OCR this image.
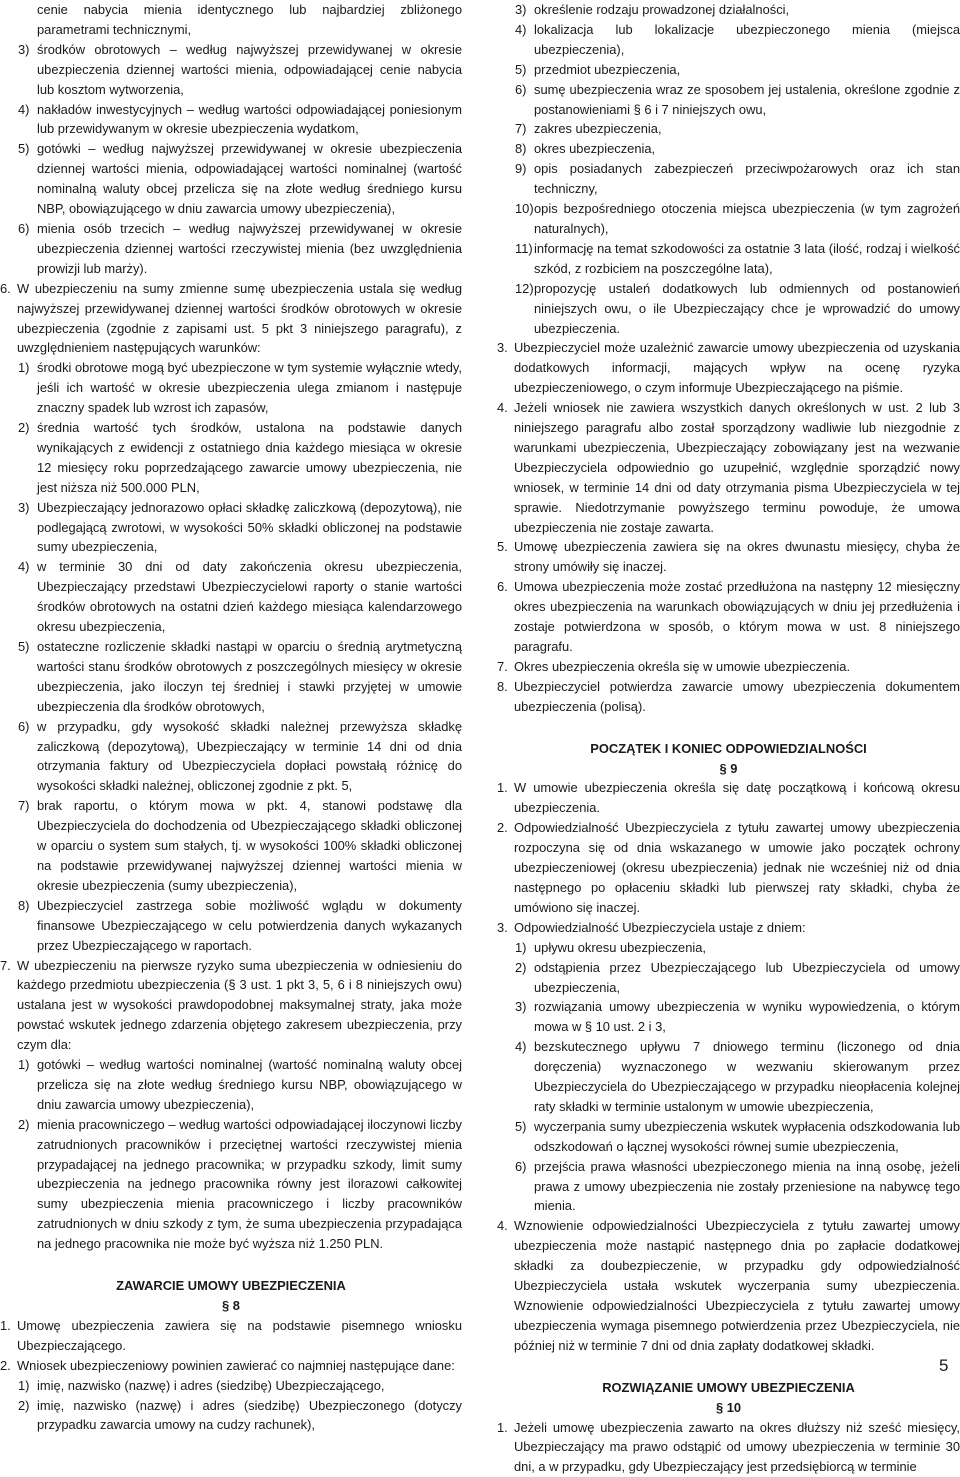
cenie nabycia mienia identycznego lub najbardziej zbliżonego parametrami technicznymi,
3) środków obrotowych – według najwyższej przewidywanej w okresie ubezpieczenia dziennej wartości mienia, odpowiadającej cenie nabycia lub kosztom wytworzenia,
4) nakładów inwestycyjnych – według wartości odpowiadającej poniesionym lub przewidywanym w okresie ubezpieczenia wydatkom,
5) gotówki – według najwyższej przewidywanej w okresie ubezpieczenia dziennej wartości mienia, odpowiadającej wartości nominalnej (wartość nominalną waluty obcej przelicza się na złote według średniego kursu NBP, obowiązującego w dniu zawarcia umowy ubezpieczenia),
6) mienia osób trzecich – według najwyższej przewidywanej w okresie ubezpieczenia dziennej wartości rzeczywistej mienia (bez uwzględnienia prowizji lub marży).
6. W ubezpieczeniu na sumy zmienne sumę ubezpieczenia ustala się według najwyższej przewidywanej dziennej wartości środków obrotowych w okresie ubezpieczenia (zgodnie z zapisami ust. 5 pkt 3 niniejszego paragrafu), z uwzględnieniem następujących warunków:
1) środki obrotowe mogą być ubezpieczone w tym systemie wyłącznie wtedy, jeśli ich wartość w okresie ubezpieczenia ulega zmianom i następuje znaczny spadek lub wzrost ich zapasów,
2) średnia wartość tych środków, ustalona na podstawie danych wynikających z ewidencji z ostatniego dnia każdego miesiąca w okresie 12 miesięcy roku poprzedzającego zawarcie umowy ubezpieczenia, nie jest niższa niż 500.000 PLN,
3) Ubezpieczający jednorazowo opłaci składkę zaliczkową (depozytową), nie podlegającą zwrotowi, w wysokości 50% składki obliczonej na podstawie sumy ubezpieczenia,
4) w terminie 30 dni od daty zakończenia okresu ubezpieczenia, Ubezpieczający przedstawi Ubezpieczycielowi raporty o stanie wartości środków obrotowych na ostatni dzień każdego miesiąca kalendarzowego okresu ubezpieczenia,
5) ostateczne rozliczenie składki nastąpi w oparciu o średnią arytmetyczną wartości stanu środków obrotowych z poszczególnych miesięcy w okresie ubezpieczenia, jako iloczyn tej średniej i stawki przyjętej w umowie ubezpieczenia dla środków obrotowych,
6) w przypadku, gdy wysokość składki należnej przewyższa składkę zaliczkową (depozytową), Ubezpieczający w terminie 14 dni od dnia otrzymania faktury od Ubezpieczyciela dopłaci powstałą różnicę do wysokości składki należnej, obliczonej zgodnie z pkt. 5,
7) brak raportu, o którym mowa w pkt. 4, stanowi podstawę dla Ubezpieczyciela do dochodzenia od Ubezpieczającego składki obliczonej w oparciu o system sum stałych, tj. w wysokości 100% składki obliczonej na podstawie przewidywanej najwyższej dziennej wartości mienia w okresie ubezpieczenia (sumy ubezpieczenia),
8) Ubezpieczyciel zastrzega sobie możliwość wglądu w dokumenty finansowe Ubezpieczającego w celu potwierdzenia danych wykazanych przez Ubezpieczającego w raportach.
7. W ubezpieczeniu na pierwsze ryzyko suma ubezpieczenia w odniesieniu do każdego przedmiotu ubezpieczenia (§ 3 ust. 1 pkt 3, 5, 6 i 8 niniejszych owu) ustalana jest w wysokości prawdopodobnej maksymalnej straty, jaka może powstać wskutek jednego zdarzenia objętego zakresem ubezpieczenia, przy czym dla:
1) gotówki – według wartości nominalnej (wartość nominalną waluty obcej przelicza się na złote według średniego kursu NBP, obowiązującego w dniu zawarcia umowy ubezpieczenia),
2) mienia pracowniczego – według wartości odpowiadającej iloczynowi liczby zatrudnionych pracowników i przeciętnej wartości rzeczywistej mienia przypadającej na jednego pracownika; w przypadku szkody, limit sumy ubezpieczenia na jednego pracownika równy jest ilorazowi całkowitej sumy ubezpieczenia mienia pracowniczego i liczby pracowników zatrudnionych w dniu szkody z tym, że suma ubezpieczenia przypadająca na jednego pracownika nie może być wyższa niż 1.250 PLN.
ZAWARCIE UMOWY UBEZPIECZENIA
§ 8
1. Umowę ubezpieczenia zawiera się na podstawie pisemnego wniosku Ubezpieczającego.
2. Wniosek ubezpieczeniowy powinien zawierać co najmniej następujące dane:
1) imię, nazwisko (nazwę) i adres (siedzibę) Ubezpieczającego,
2) imię, nazwisko (nazwę) i adres (siedzibę) Ubezpieczonego (dotyczy przypadku zawarcia umowy na cudzy rachunek),
3) określenie rodzaju prowadzonej działalności,
4) lokalizacja lub lokalizacje ubezpieczonego mienia (miejsca ubezpieczenia),
5) przedmiot ubezpieczenia,
6) sumę ubezpieczenia wraz ze sposobem jej ustalenia, określone zgodnie z postanowieniami § 6 i 7 niniejszych owu,
7) zakres ubezpieczenia,
8) okres ubezpieczenia,
9) opis posiadanych zabezpieczeń przeciwpożarowych oraz ich stan techniczny,
10) opis bezpośredniego otoczenia miejsca ubezpieczenia (w tym zagrożeń naturalnych),
11) informację na temat szkodowości za ostatnie 3 lata (ilość, rodzaj i wielkość szkód, z rozbiciem na poszczególne lata),
12) propozycję ustaleń dodatkowych lub odmiennych od postanowień niniejszych owu, o ile Ubezpieczający chce je wprowadzić do umowy ubezpieczenia.
3. Ubezpieczyciel może uzależnić zawarcie umowy ubezpieczenia od uzyskania dodatkowych informacji, mających wpływ na ocenę ryzyka ubezpieczeniowego, o czym informuje Ubezpieczającego na piśmie.
4. Jeżeli wniosek nie zawiera wszystkich danych określonych w ust. 2 lub 3 niniejszego paragrafu albo został sporządzony wadliwie lub niezgodnie z warunkami ubezpieczenia, Ubezpieczający zobowiązany jest na wezwanie Ubezpieczyciela odpowiednio go uzupełnić, względnie sporządzić nowy wniosek, w terminie 14 dni od daty otrzymania pisma Ubezpieczyciela w tej sprawie. Niedotrzymanie powyższego terminu powoduje, że umowa ubezpieczenia nie zostaje zawarta.
5. Umowę ubezpieczenia zawiera się na okres dwunastu miesięcy, chyba że strony umówiły się inaczej.
6. Umowa ubezpieczenia może zostać przedłużona na następny 12 miesięczny okres ubezpieczenia na warunkach obowiązujących w dniu jej przedłużenia i zostaje potwierdzona w sposób, o którym mowa w ust. 8 niniejszego paragrafu.
7. Okres ubezpieczenia określa się w umowie ubezpieczenia.
8. Ubezpieczyciel potwierdza zawarcie umowy ubezpieczenia dokumentem ubezpieczenia (polisą).
POCZĄTEK I KONIEC ODPOWIEDZIALNOŚCI
§ 9
1. W umowie ubezpieczenia określa się datę początkową i końcową okresu ubezpieczenia.
2. Odpowiedzialność Ubezpieczyciela z tytułu zawartej umowy ubezpieczenia rozpoczyna się od dnia wskazanego w umowie jako początek ochrony ubezpieczeniowej (okresu ubezpieczenia) jednak nie wcześniej niż od dnia następnego po opłaceniu składki lub pierwszej raty składki, chyba że umówiono się inaczej.
3. Odpowiedzialność Ubezpieczyciela ustaje z dniem:
1) upływu okresu ubezpieczenia,
2) odstąpienia przez Ubezpieczającego lub Ubezpieczyciela od umowy ubezpieczenia,
3) rozwiązania umowy ubezpieczenia w wyniku wypowiedzenia, o którym mowa w § 10 ust. 2 i 3,
4) bezskutecznego upływu 7 dniowego terminu (liczonego od dnia doręczenia) wyznaczonego w wezwaniu skierowanym przez Ubezpieczyciela do Ubezpieczającego w przypadku nieopłacenia kolejnej raty składki w terminie ustalonym w umowie ubezpieczenia,
5) wyczerpania sumy ubezpieczenia wskutek wypłacenia odszkodowania lub odszkodowań o łącznej wysokości równej sumie ubezpieczenia,
6) przejścia prawa własności ubezpieczonego mienia na inną osobę, jeżeli prawa z umowy ubezpieczenia nie zostały przeniesione na nabywcę tego mienia.
4. Wznowienie odpowiedzialności Ubezpieczyciela z tytułu zawartej umowy ubezpieczenia może nastąpić następnego dnia po zapłacie dodatkowej składki za doubezpieczenie, w przypadku gdy odpowiedzialność Ubezpieczyciela ustała wskutek wyczerpania sumy ubezpieczenia. Wznowienie odpowiedzialności Ubezpieczyciela z tytułu zawartej umowy ubezpieczenia wymaga pisemnego potwierdzenia przez Ubezpieczyciela, nie później niż w terminie 7 dni od dnia zapłaty dodatkowej składki.
ROZWIĄZANIE UMOWY UBEZPIECZENIA
§ 10
1. Jeżeli umowę ubezpieczenia zawarto na okres dłuższy niż sześć miesięcy, Ubezpieczający ma prawo odstąpić od umowy ubezpieczenia w terminie 30 dni, a w przypadku, gdy Ubezpieczający jest przedsiębiorcą w terminie
5
